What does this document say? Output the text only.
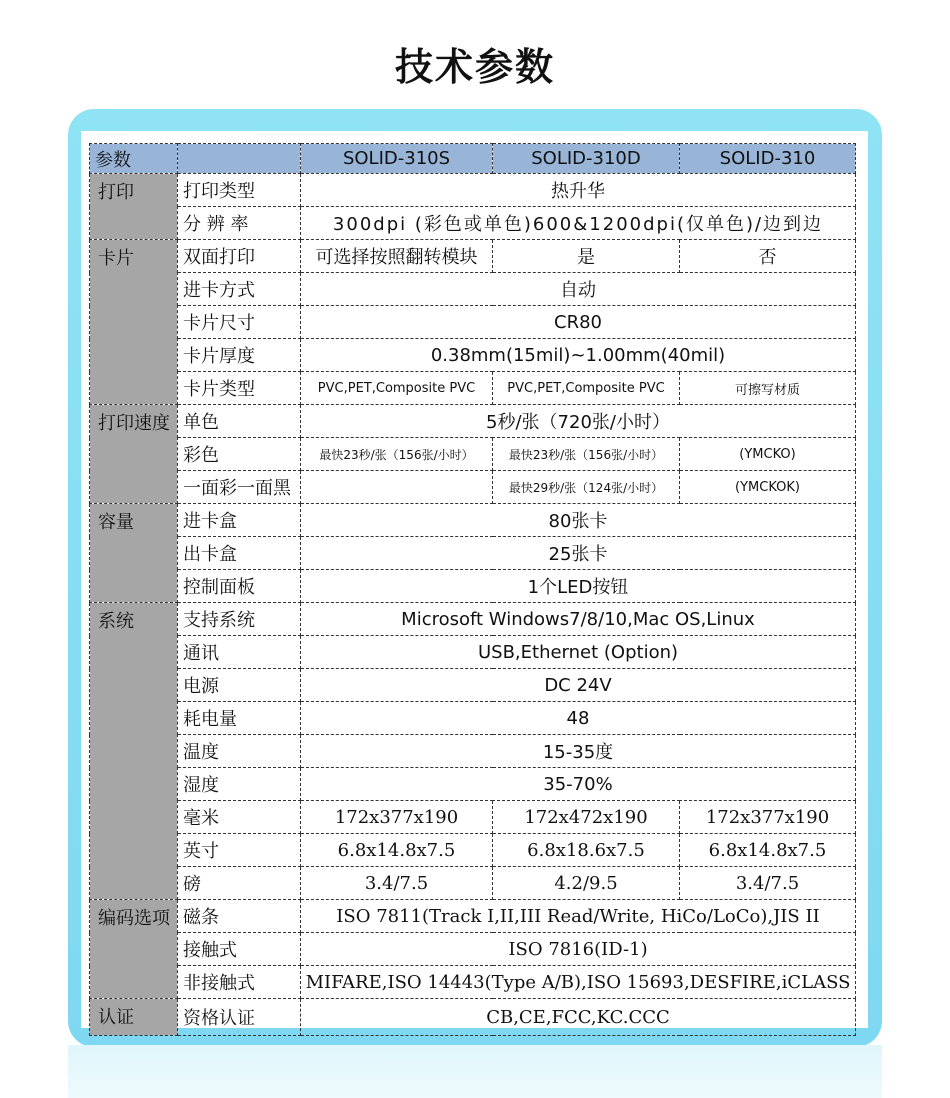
技术参数
参数		SOLID-310S	SOLID-310D	SOLID-310
打印	打印类型	热升华		
	分 辨 率	300dpi (彩色或单色)600&1200dpi(仅单色)/边到边		
卡片	双面打印	可选择按照翻转模块	是	否
	进卡方式	自动		
	卡片尺寸	CR80		
	卡片厚度	0.38mm(15mil)~1.00mm(40mil)		
	卡片类型	PVC,PET,Composite PVC	PVC,PET,Composite PVC	可擦写材质
打印速度	单色	5秒/张（720张/小时）		
	彩色	最快23秒/张（156张/小时）	最快23秒/张（156张/小时）	(YMCKO)
	一面彩一面黑		最快29秒/张（124张/小时）	(YMCKOK)
容量	进卡盒	80张卡		
	出卡盒	25张卡		
	控制面板	1个LED按钮		
系统	支持系统	Microsoft Windows7/8/10,Mac OS,Linux		
	通讯	USB,Ethernet (Option)		
	电源	DC 24V		
	耗电量	48		
	温度	15-35度		
	湿度	35-70%		
	毫米	172x377x190	172x472x190	172x377x190
	英寸	6.8x14.8x7.5	6.8x18.6x7.5	6.8x14.8x7.5
	磅	3.4/7.5	4.2/9.5	3.4/7.5
编码选项	磁条	ISO 7811(Track I,II,III Read/Write, HiCo/LoCo),JIS II		
	接触式	ISO 7816(ID-1)		
	非接触式	MIFARE,ISO 14443(Type A/B),ISO 15693,DESFIRE,iCLASS		
认证	资格认证	CB,CE,FCC,KC.CCC		
